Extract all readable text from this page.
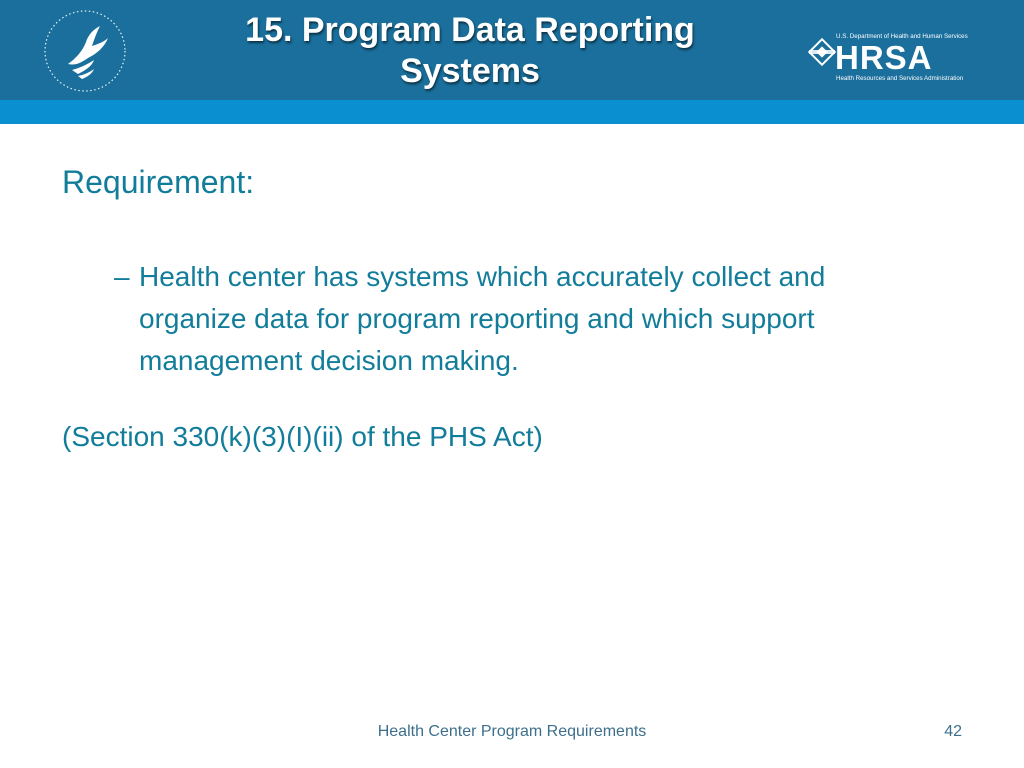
15. Program Data Reporting
Systems
U.S. Department of Health and Human Services
HRSA
Health Resources and Services Administration
Requirement:
– Health center has systems which accurately collect and organize data for program reporting and which support management decision making.
(Section 330(k)(3)(I)(ii) of the PHS Act)
Health Center Program Requirements	42
